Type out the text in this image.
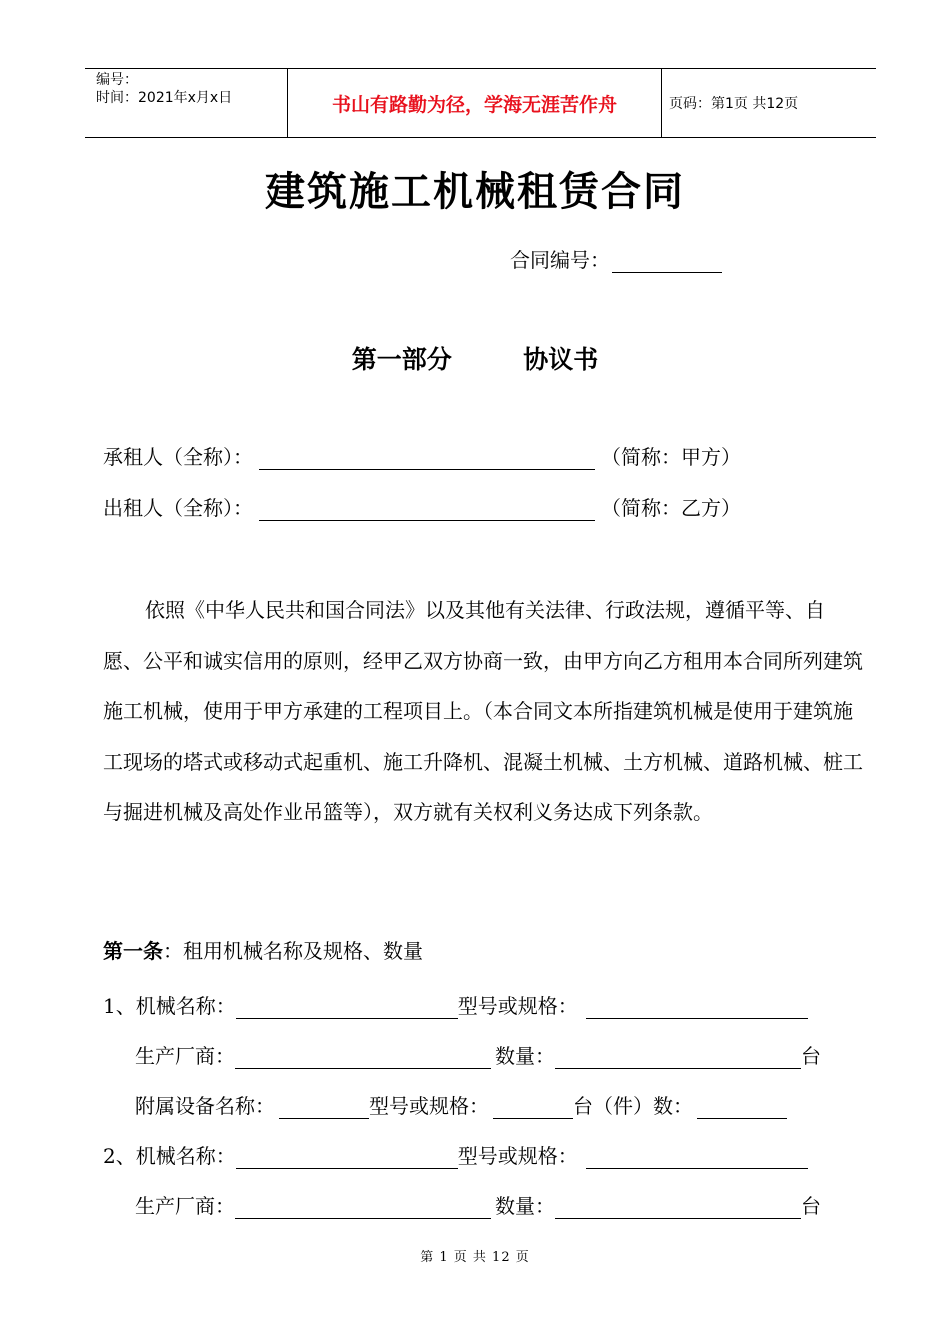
编号：
时间：2021年x月x日	书山有路勤为径，学海无涯苦作舟	页码：第1页 共12页
建筑施工机械租赁合同
合同编号：
第一部分	协议书
承租人（全称）：	（简称：甲方）
出租人（全称）：	（简称：乙方）
依照《中华人民共和国合同法》以及其他有关法律、行政法规，遵循平等、自愿、公平和诚实信用的原则，经甲乙双方协商一致，由甲方向乙方租用本合同所列建筑施工机械，使用于甲方承建的工程项目上。（本合同文本所指建筑机械是使用于建筑施工现场的塔式或移动式起重机、施工升降机、混凝土机械、土方机械、道路机械、桩工与掘进机械及高处作业吊篮等），双方就有关权利义务达成下列条款。
第一条：租用机械名称及规格、数量
1、机械名称：	型号或规格：
生产厂商：	数量：	台
附属设备名称：	型号或规格：	台（件）数：
2、机械名称：	型号或规格：
生产厂商：	数量：	台
第 1 页 共 12 页
